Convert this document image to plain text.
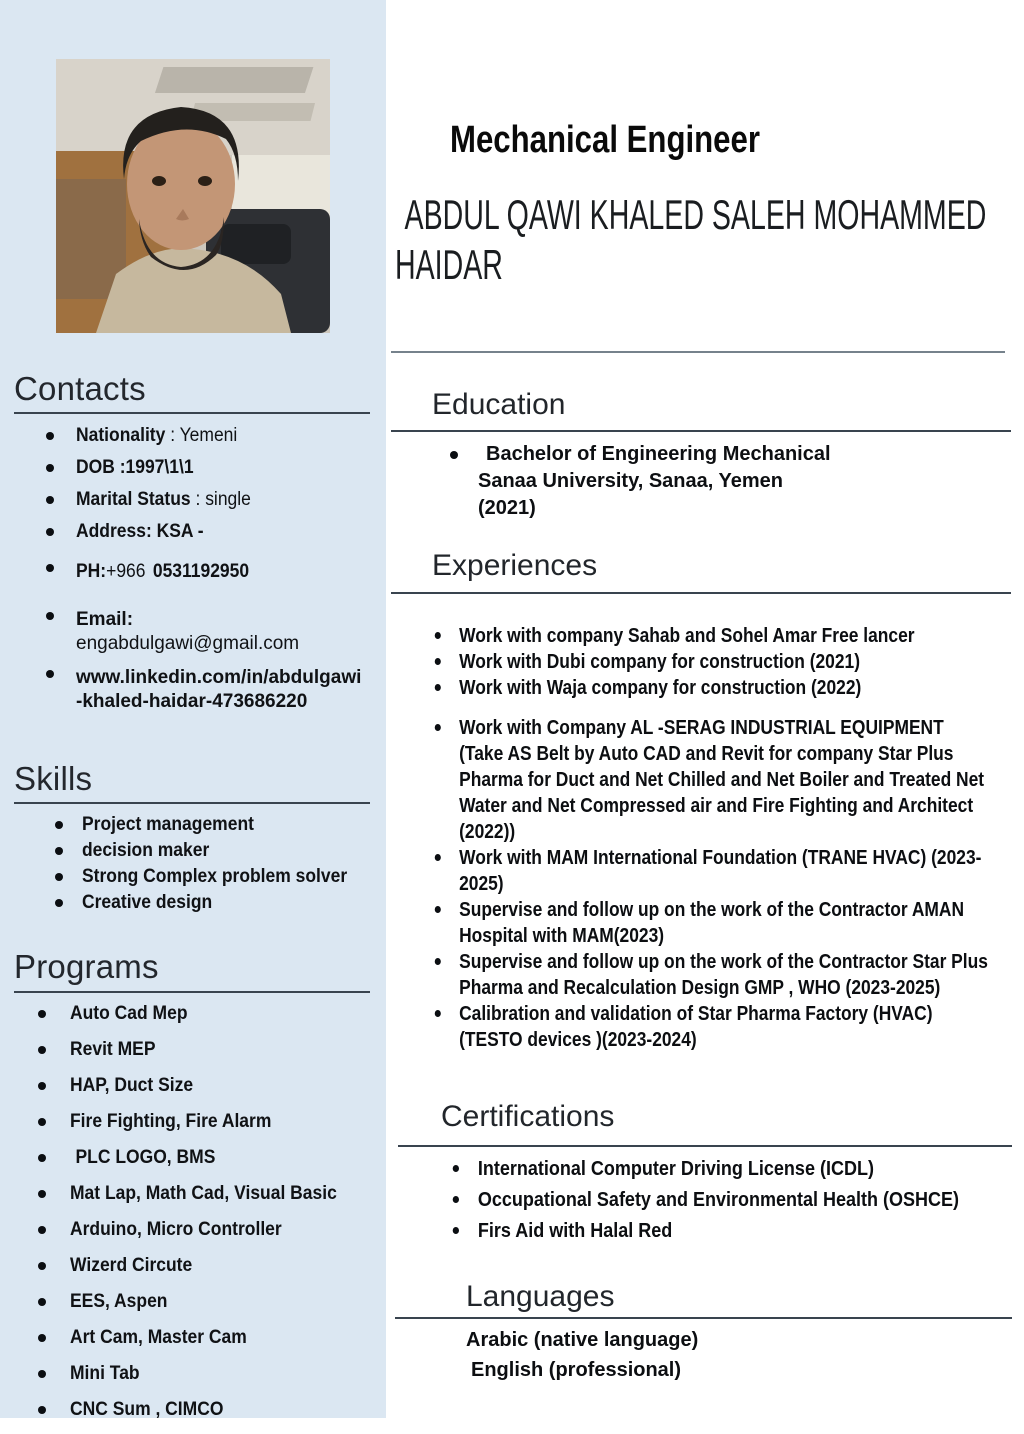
Contacts
Nationality : Yemeni
DOB :1997\1\1
Marital Status : single
Address: KSA -
PH:+966 0531192950
Email:
engabdulgawi@gmail.com
www.linkedin.com/in/abdulgawi
-khaled-haidar-473686220
Skills
Project management
decision maker
Strong Complex problem solver
Creative design
Programs
Auto Cad Mep
Revit MEP
HAP, Duct Size
Fire Fighting, Fire Alarm
PLC LOGO, BMS
Mat Lap, Math Cad, Visual Basic
Arduino, Micro Controller
Wizerd Circute
EES, Aspen
Art Cam, Master Cam
Mini Tab
CNC Sum , CIMCO
Mechanical Engineer
ABDUL QAWI KHALED SALEH MOHAMMED
HAIDAR
Education
Bachelor of Engineering Mechanical
Sanaa University, Sanaa, Yemen
(2021)
Experiences
Work with company Sahab and Sohel Amar Free lancer
Work with Dubi company for construction (2021)
Work with Waja company for construction (2022)
Work with Company AL -SERAG INDUSTRIAL EQUIPMENT (Take AS Belt by Auto CAD and Revit for company Star Plus Pharma for Duct and Net Chilled and Net Boiler and Treated Net Water and Net Compressed air and Fire Fighting and Architect (2022))
Work with MAM International Foundation (TRANE HVAC) (2023-2025)
Supervise and follow up on the work of the Contractor AMAN Hospital with MAM(2023)
Supervise and follow up on the work of the Contractor Star Plus Pharma and Recalculation Design GMP , WHO (2023-2025)
Calibration and validation of Star Pharma Factory (HVAC)(TESTO devices )(2023-2024)
Certifications
International Computer Driving License (ICDL)
Occupational Safety and Environmental Health (OSHCE)
Firs Aid with Halal Red
Languages
Arabic (native language)
English (professional)
